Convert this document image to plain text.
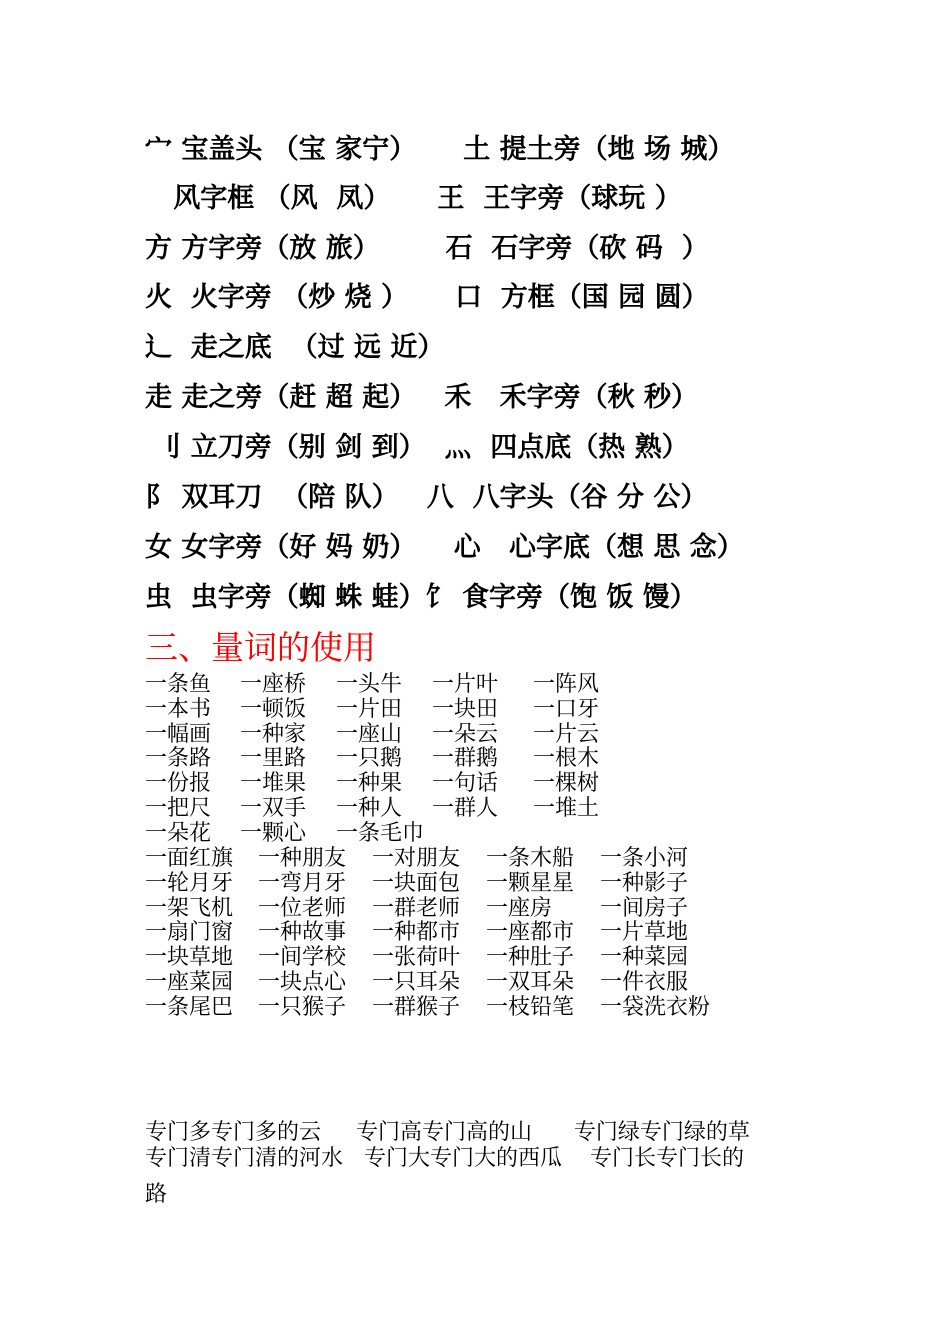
宀 宝盖头 （宝 家宁）     土 提土旁（地 场 城）
风字框 （风  凤）     王  王字旁（球玩 ）
方 方字旁（放 旅）       石  石字旁（砍 码  ）
火  火字旁 （炒 烧 ）     口  方框（国 园 圆）
辶  走之底  （过 远 近）
走 走之旁（赶 超 起）   禾   禾字旁（秋 秒）
刂 立刀旁（别 剑 到）  灬  四点底（热 熟）
阝 双耳刀  （陪 队）   八  八字头（谷 分 公）
女 女字旁（好 妈 奶）    心   心字底（想 思 念）
虫  虫字旁（蜘 蛛 蛙）饣 食字旁（饱 饭 馒）
三、量词的使用
一条鱼 一座桥 一头牛 一片叶 一阵风
一本书 一顿饭 一片田 一块田 一口牙
一幅画 一种家 一座山 一朵云 一片云
一条路 一里路 一只鹅 一群鹅 一根木
一份报 一堆果 一种果 一句话 一棵树
一把尺 一双手 一种人 一群人 一堆土
一朵花 一颗心 一条毛巾
一面红旗 一种朋友 一对朋友 一条木船 一条小河
一轮月牙 一弯月牙 一块面包 一颗星星 一种影子
一架飞机 一位老师 一群老师 一座房 一间房子
一扇门窗 一种故事 一种都市 一座都市 一片草地
一块草地 一间学校 一张荷叶 一种肚子 一种菜园
一座菜园 一块点心 一只耳朵 一双耳朵 一件衣服
一条尾巴 一只猴子 一群猴子 一枝铅笔 一袋洗衣粉
专门多专门多的云     专门高专门高的山      专门绿专门绿的草
专门清专门清的河水   专门大专门大的西瓜    专门长专门长的
路
